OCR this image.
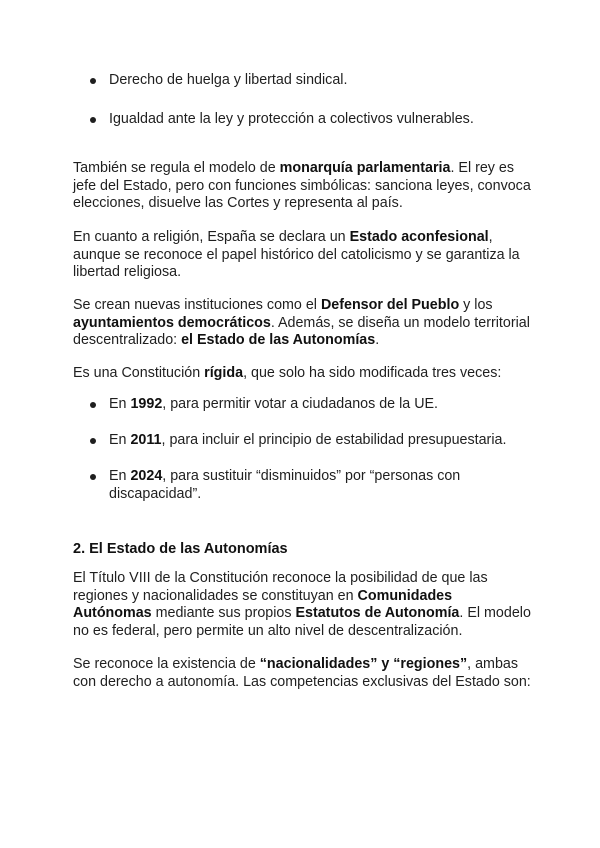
Derecho de huelga y libertad sindical.
Igualdad ante la ley y protección a colectivos vulnerables.

También se regula el modelo de monarquía parlamentaria. El rey es jefe del Estado, pero con funciones simbólicas: sanciona leyes, convoca elecciones, disuelve las Cortes y representa al país.

En cuanto a religión, España se declara un Estado aconfesional, aunque se reconoce el papel histórico del catolicismo y se garantiza la libertad religiosa.

Se crean nuevas instituciones como el Defensor del Pueblo y los ayuntamientos democráticos. Además, se diseña un modelo territorial descentralizado: el Estado de las Autonomías.

Es una Constitución rígida, que solo ha sido modificada tres veces:

En 1992, para permitir votar a ciudadanos de la UE.
En 2011, para incluir el principio de estabilidad presupuestaria.
En 2024, para sustituir “disminuidos” por “personas con discapacidad”.
2. El Estado de las Autonomías

El Título VIII de la Constitución reconoce la posibilidad de que las regiones y nacionalidades se constituyan en Comunidades Autónomas mediante sus propios Estatutos de Autonomía. El modelo no es federal, pero permite un alto nivel de descentralización.

Se reconoce la existencia de “nacionalidades” y “regiones”, ambas con derecho a autonomía. Las competencias exclusivas del Estado son:
